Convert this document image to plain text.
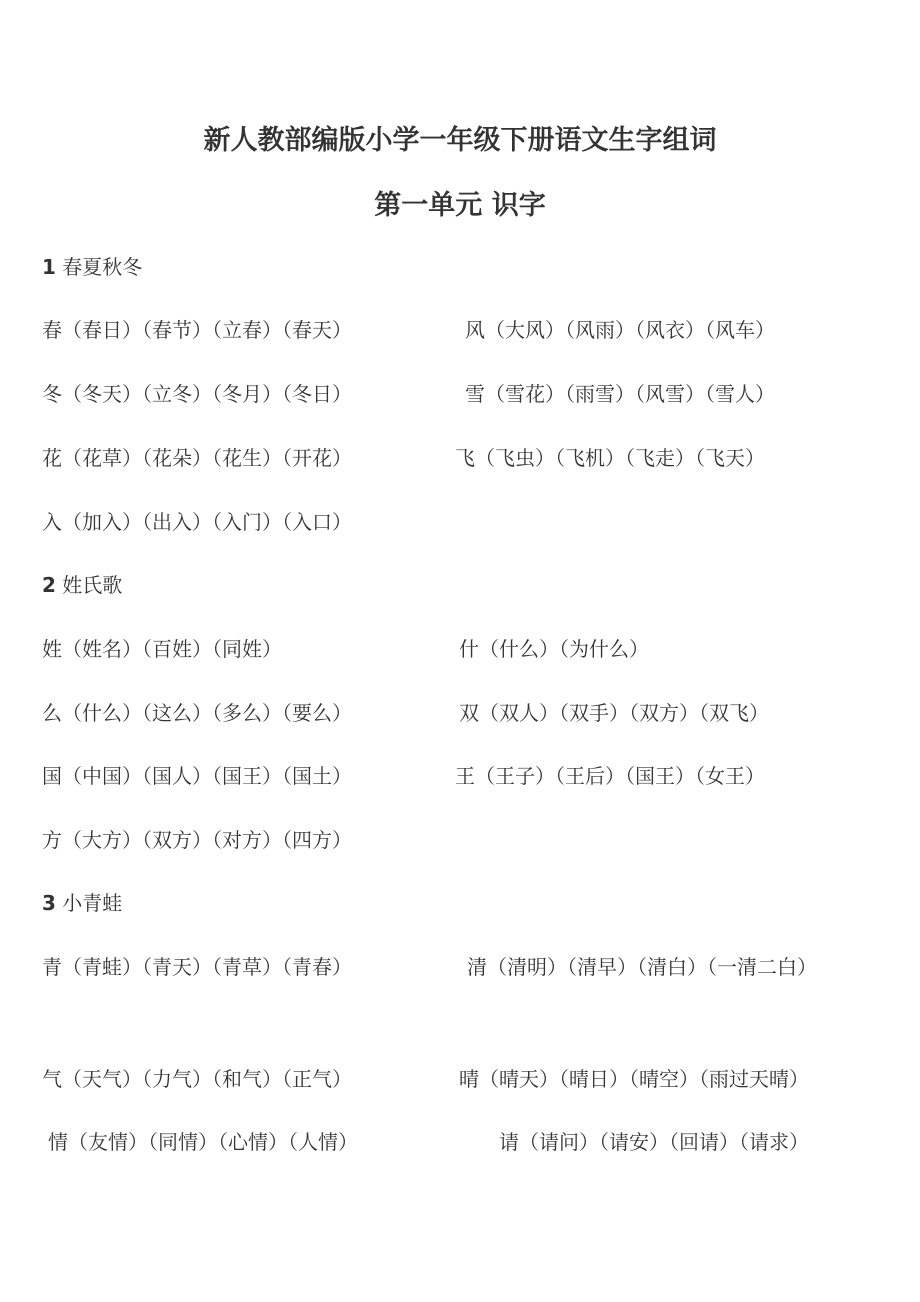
新人教部编版小学一年级下册语文生字组词
第一单元 识字
1 春夏秋冬
春（春日）（春节）（立春）（春天）	风（大风）（风雨）（风衣）（风车）
冬（冬天）（立冬）（冬月）（冬日）	雪（雪花）（雨雪）（风雪）（雪人）
花（花草）（花朵）（花生）（开花）	飞（飞虫）（飞机）（飞走）（飞天）
入（加入）（出入）（入门）（入口）
2 姓氏歌
姓（姓名）（百姓）（同姓）	什（什么）（为什么）
么（什么）（这么）（多么）（要么）	双（双人）（双手）（双方）（双飞）
国（中国）（国人）（国王）（国土）	王（王子）（王后）（国王）（女王）
方（大方）（双方）（对方）（四方）
3 小青蛙
青（青蛙）（青天）（青草）（青春）	清（清明）（清早）（清白）（一清二白）
气（天气）（力气）（和气）（正气）	晴（晴天）（晴日）（晴空）（雨过天晴）
情（友情）（同情）（心情）（人情）	请（请问）（请安）（回请）（请求）
